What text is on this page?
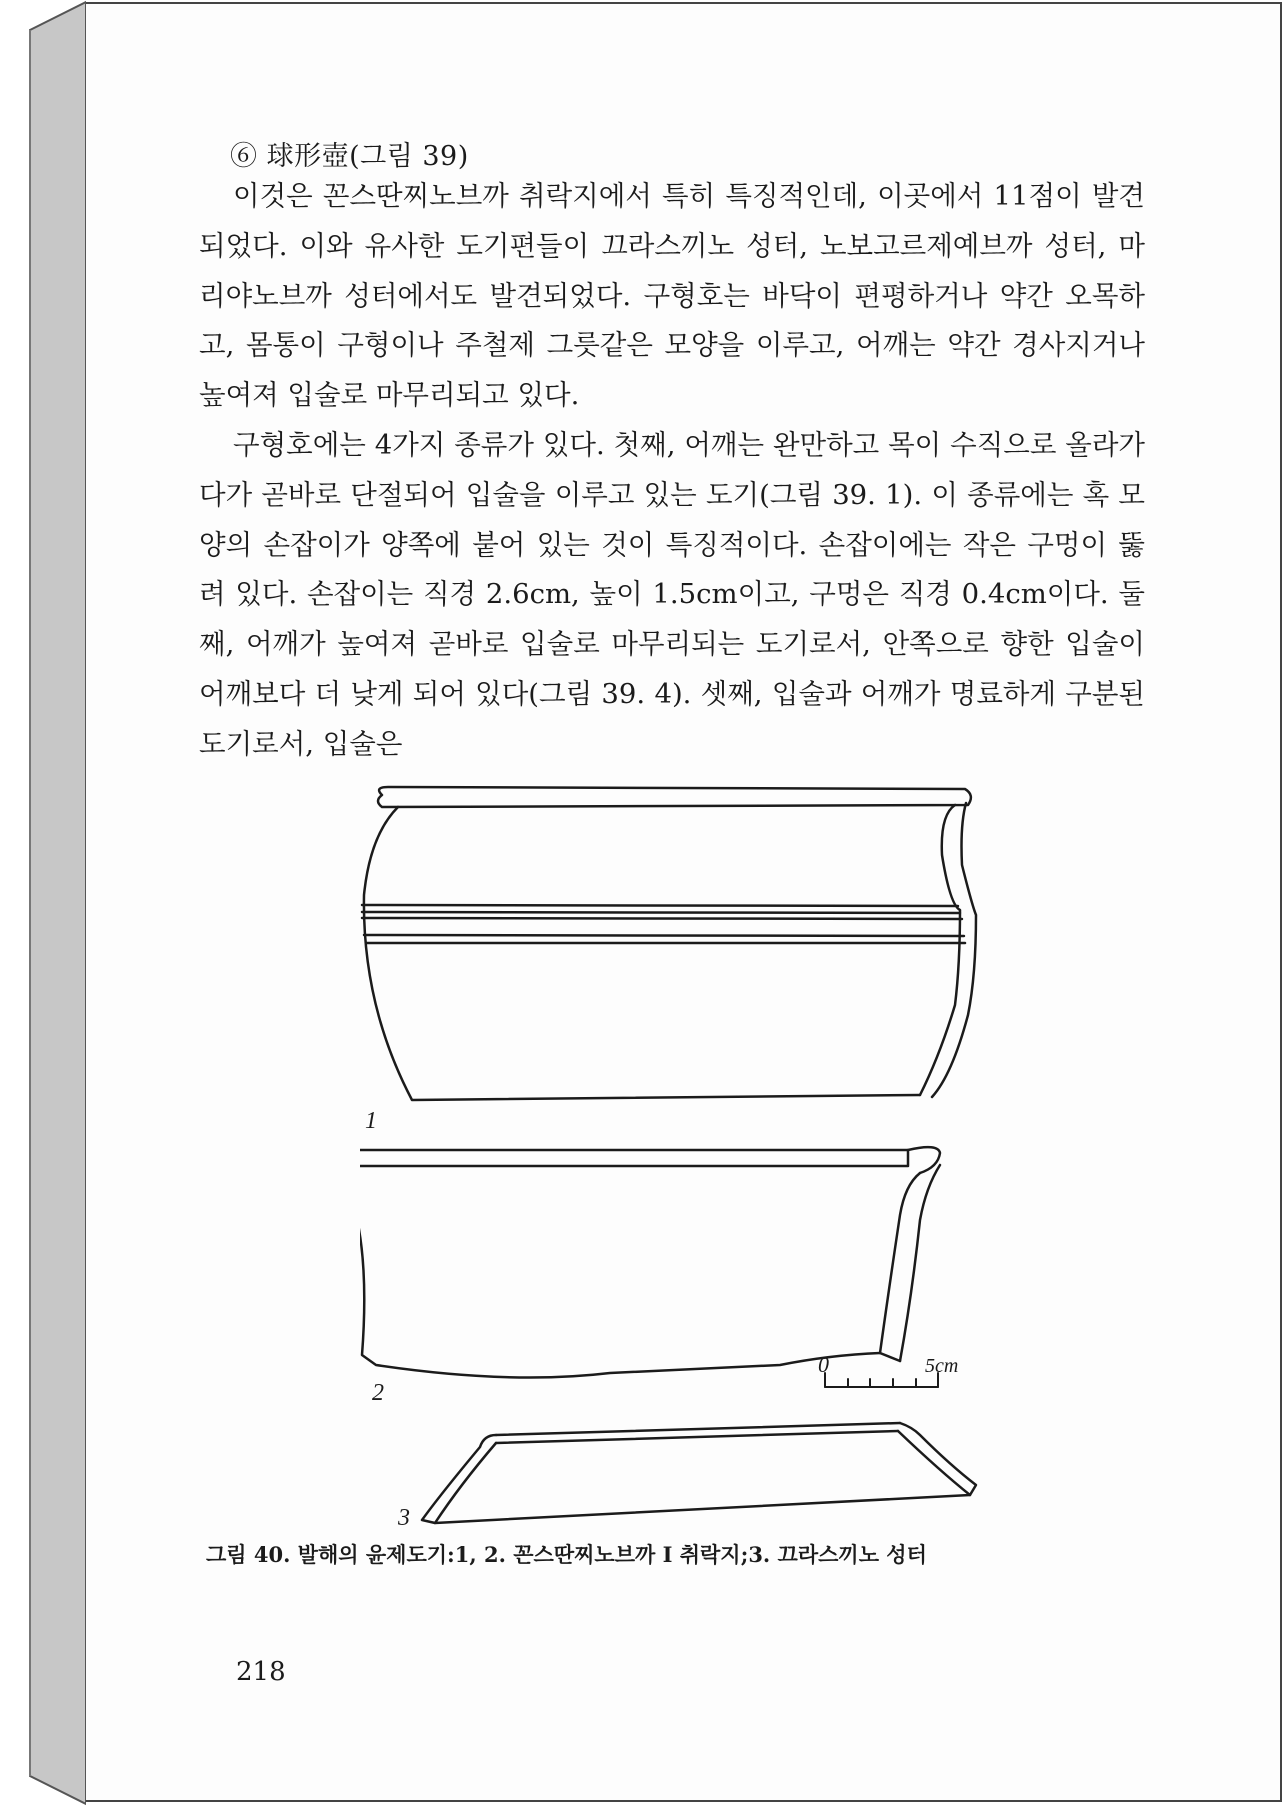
⑥ 球形壺(그림 39)

이것은 꼰스딴찌노브까 취락지에서 특히 특징적인데, 이곳에서 11점이 발견되었다. 이와 유사한 도기편들이 끄라스끼노 성터, 노보고르제예브까 성터, 마리야노브까 성터에서도 발견되었다. 구형호는 바닥이 편평하거나 약간 오목하고, 몸통이 구형이나 주철제 그릇같은 모양을 이루고, 어깨는 약간 경사지거나 높여져 입술로 마무리되고 있다.

구형호에는 4가지 종류가 있다. 첫째, 어깨는 완만하고 목이 수직으로 올라가다가 곧바로 단절되어 입술을 이루고 있는 도기(그림 39. 1). 이 종류에는 혹 모양의 손잡이가 양쪽에 붙어 있는 것이 특징적이다. 손잡이에는 작은 구멍이 뚫려 있다. 손잡이는 직경 2.6cm, 높이 1.5cm이고, 구멍은 직경 0.4cm이다. 둘째, 어깨가 높여져 곧바로 입술로 마무리되는 도기로서, 안쪽으로 향한 입술이 어깨보다 더 낮게 되어 있다(그림 39. 4). 셋째, 입술과 어깨가 명료하게 구분된 도기로서, 입술은

1
2
0	5cm
3
그림 40. 발해의 윤제도기:1, 2. 꼰스딴찌노브까 I 취락지;3. 끄라스끼노 성터
218
